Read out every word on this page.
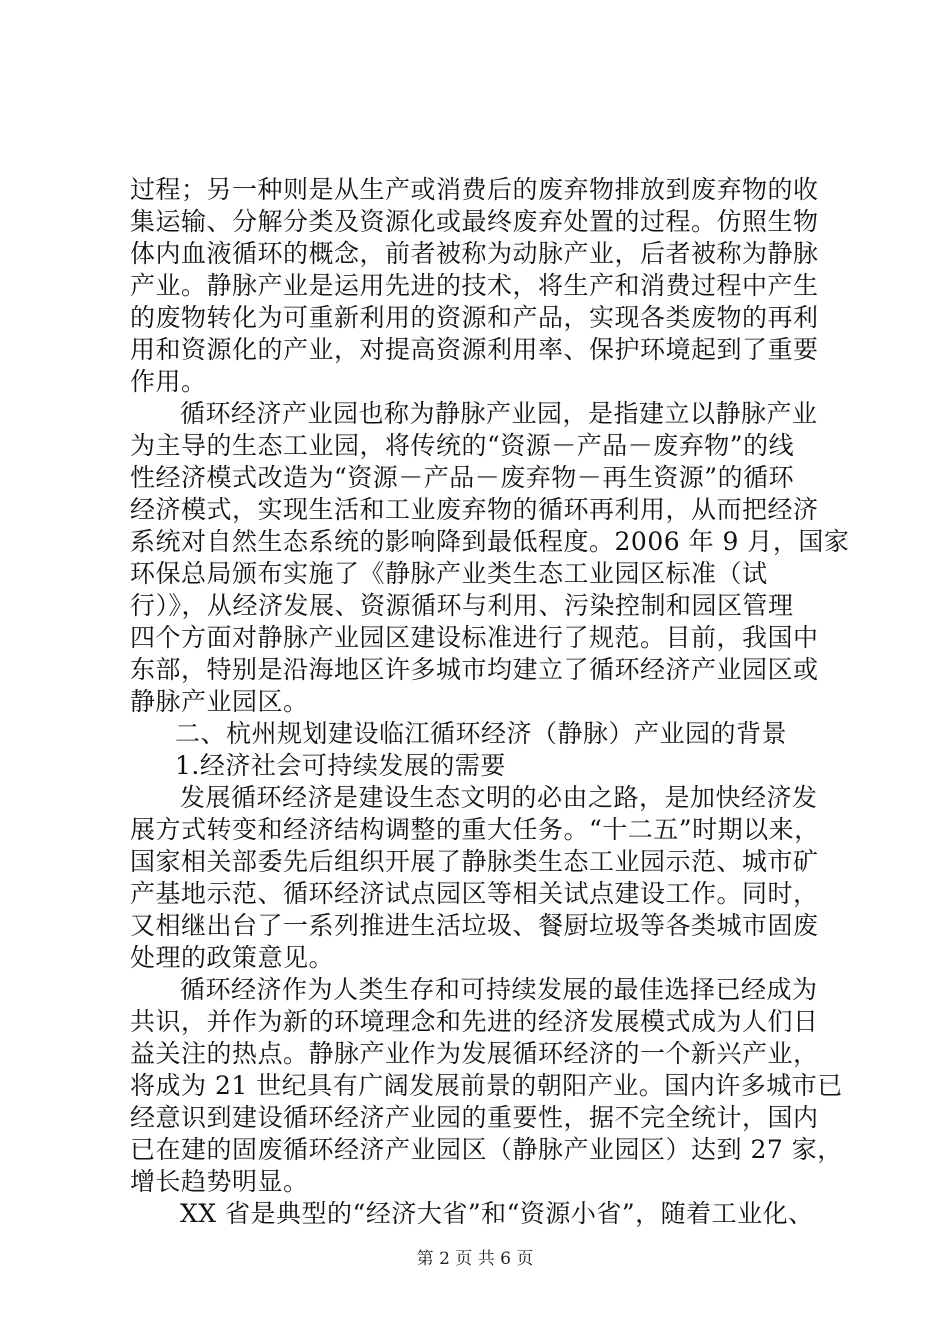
过程；另一种则是从生产或消费后的废弃物排放到废弃物的收
集运输、分解分类及资源化或最终废弃处置的过程。仿照生物
体内血液循环的概念，前者被称为动脉产业，后者被称为静脉
产业。静脉产业是运用先进的技术，将生产和消费过程中产生
的废物转化为可重新利用的资源和产品，实现各类废物的再利
用和资源化的产业，对提高资源利用率、保护环境起到了重要
作用。
循环经济产业园也称为静脉产业园，是指建立以静脉产业
为主导的生态工业园，将传统的“资源－产品－废弃物”的线
性经济模式改造为“资源－产品－废弃物－再生资源”的循环
经济模式，实现生活和工业废弃物的循环再利用，从而把经济
系统对自然生态系统的影响降到最低程度。2006 年 9 月，国家
环保总局颁布实施了《静脉产业类生态工业园区标准（试
行）》，从经济发展、资源循环与利用、污染控制和园区管理
四个方面对静脉产业园区建设标准进行了规范。目前，我国中
东部，特别是沿海地区许多城市均建立了循环经济产业园区或
静脉产业园区。
二、杭州规划建设临江循环经济（静脉）产业园的背景
1.经济社会可持续发展的需要
发展循环经济是建设生态文明的必由之路，是加快经济发
展方式转变和经济结构调整的重大任务。“十二五”时期以来，
国家相关部委先后组织开展了静脉类生态工业园示范、城市矿
产基地示范、循环经济试点园区等相关试点建设工作。同时，
又相继出台了一系列推进生活垃圾、餐厨垃圾等各类城市固废
处理的政策意见。
循环经济作为人类生存和可持续发展的最佳选择已经成为
共识，并作为新的环境理念和先进的经济发展模式成为人们日
益关注的热点。静脉产业作为发展循环经济的一个新兴产业，
将成为 21 世纪具有广阔发展前景的朝阳产业。国内许多城市已
经意识到建设循环经济产业园的重要性，据不完全统计，国内
已在建的固废循环经济产业园区（静脉产业园区）达到 27 家，
增长趋势明显。
XX 省是典型的“经济大省”和“资源小省”，随着工业化、
第 2 页 共 6 页
